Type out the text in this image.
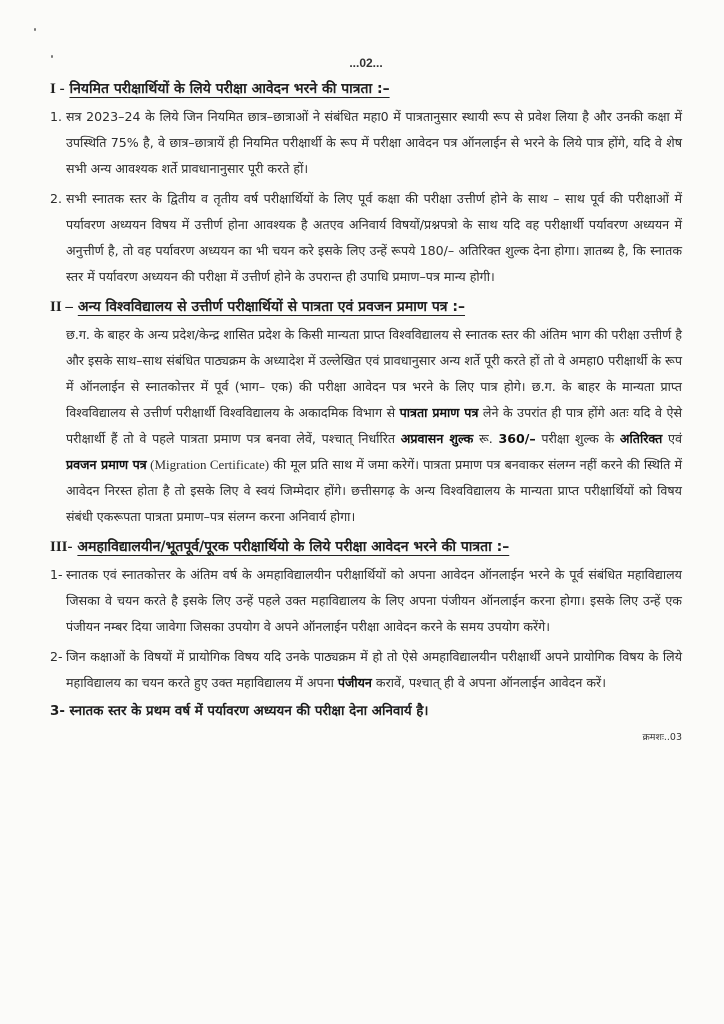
...02...
I - नियमित परीक्षार्थियों के लिये परीक्षा आवेदन भरने की पात्रता :–
1. सत्र 2023–24 के लिये जिन नियमित छात्र–छात्राओं ने संबंधित महा0 में पात्रतानुसार स्थायी रूप से प्रवेश लिया है और उनकी कक्षा में उपस्थिति 75% है, वे छात्र–छात्रायें ही नियमित परीक्षार्थी के रूप में परीक्षा आवेदन पत्र ऑनलाईन से भरने के लिये पात्र होंगे, यदि वे शेष सभी अन्य आवश्यक शर्ते प्रावधानानुसार पूरी करते हों।
2. सभी स्नातक स्तर के द्वितीय व तृतीय वर्ष परीक्षार्थियों के लिए पूर्व कक्षा की परीक्षा उत्तीर्ण होने के साथ – साथ पूर्व की परीक्षाओं में पर्यावरण अध्ययन विषय में उत्तीर्ण होना आवश्यक है अतएव अनिवार्य विषयों/प्रश्नपत्रो के साथ यदि वह परीक्षार्थी पर्यावरण अध्ययन में अनुत्तीर्ण है, तो वह पर्यावरण अध्ययन का भी चयन करे इसके लिए उन्हें रूपये 180/– अतिरिक्त शुल्क देना होगा। ज्ञातब्य है, कि स्नातक स्तर में पर्यावरण अध्ययन की परीक्षा में उत्तीर्ण होने के उपरान्त ही उपाधि प्रमाण–पत्र मान्य होगी।
II – अन्य विश्वविद्यालय से उत्तीर्ण परीक्षार्थियों से पात्रता एवं प्रवजन प्रमाण पत्र :–
छ.ग. के बाहर के अन्य प्रदेश/केन्द्र शासित प्रदेश के किसी मान्यता प्राप्त विश्वविद्यालय से स्नातक स्तर की अंतिम भाग की परीक्षा उत्तीर्ण है और इसके साथ–साथ संबंधित पाठ्यक्रम के अध्यादेश में उल्लेखित एवं प्रावधानुसार अन्य शर्ते पूरी करते हों तो वे अमहा0 परीक्षार्थी के रूप में ऑनलाईन से स्नातकोत्तर में पूर्व (भाग– एक) की परीक्षा आवेदन पत्र भरने के लिए पात्र होगे। छ.ग. के बाहर के मान्यता प्राप्त विश्वविद्यालय से उत्तीर्ण परीक्षार्थी विश्वविद्यालय के अकादमिक विभाग से पात्रता प्रमाण पत्र लेने के उपरांत ही पात्र होंगे अतः यदि वे ऐसे परीक्षार्थी हैं तो वे पहले पात्रता प्रमाण पत्र बनवा लेवें, पश्चात् निर्धारित अप्रवासन शुल्क रू. 360/– परीक्षा शुल्क के अतिरिक्त एवं प्रवजन प्रमाण पत्र (Migration Certificate) की मूल प्रति साथ में जमा करेगें। पात्रता प्रमाण पत्र बनवाकर संलग्न नहीं करने की स्थिति में आवेदन निरस्त होता है तो इसके लिए वे स्वयं जिम्मेदार होंगे। छत्तीसगढ़ के अन्य विश्वविद्यालय के मान्यता प्राप्त परीक्षार्थियों को विषय संबंधी एकरूपता पात्रता प्रमाण–पत्र संलग्न करना अनिवार्य होगा।
III- अमहाविद्यालयीन/भूतपूर्व/पूरक परीक्षार्थियो के लिये परीक्षा आवेदन भरने की पात्रता :–
1- स्नातक एवं स्नातकोत्तर के अंतिम वर्ष के अमहाविद्यालयीन परीक्षार्थियों को अपना आवेदन ऑनलाईन भरने के पूर्व संबंधित महाविद्यालय जिसका वे चयन करते है इसके लिए उन्हें पहले उक्त महाविद्यालय के लिए अपना पंजीयन ऑनलाईन करना होगा। इसके लिए उन्हें एक पंजीयन नम्बर दिया जावेगा जिसका उपयोग वे अपने ऑनलाईन परीक्षा आवेदन करने के समय उपयोग करेंगे।
2- जिन कक्षाओं के विषयों में प्रायोगिक विषय यदि उनके पाठ्यक्रम में हो तो ऐसे अमहाविद्यालयीन परीक्षार्थी अपने प्रायोगिक विषय के लिये महाविद्यालय का चयन करते हुए उक्त महाविद्यालय में अपना पंजीयन करावें, पश्चात् ही वे अपना ऑनलाईन आवेदन करें।
3- स्नातक स्तर के प्रथम वर्ष में पर्यावरण अध्ययन की परीक्षा देना अनिवार्य है।
क्रमशः..03
